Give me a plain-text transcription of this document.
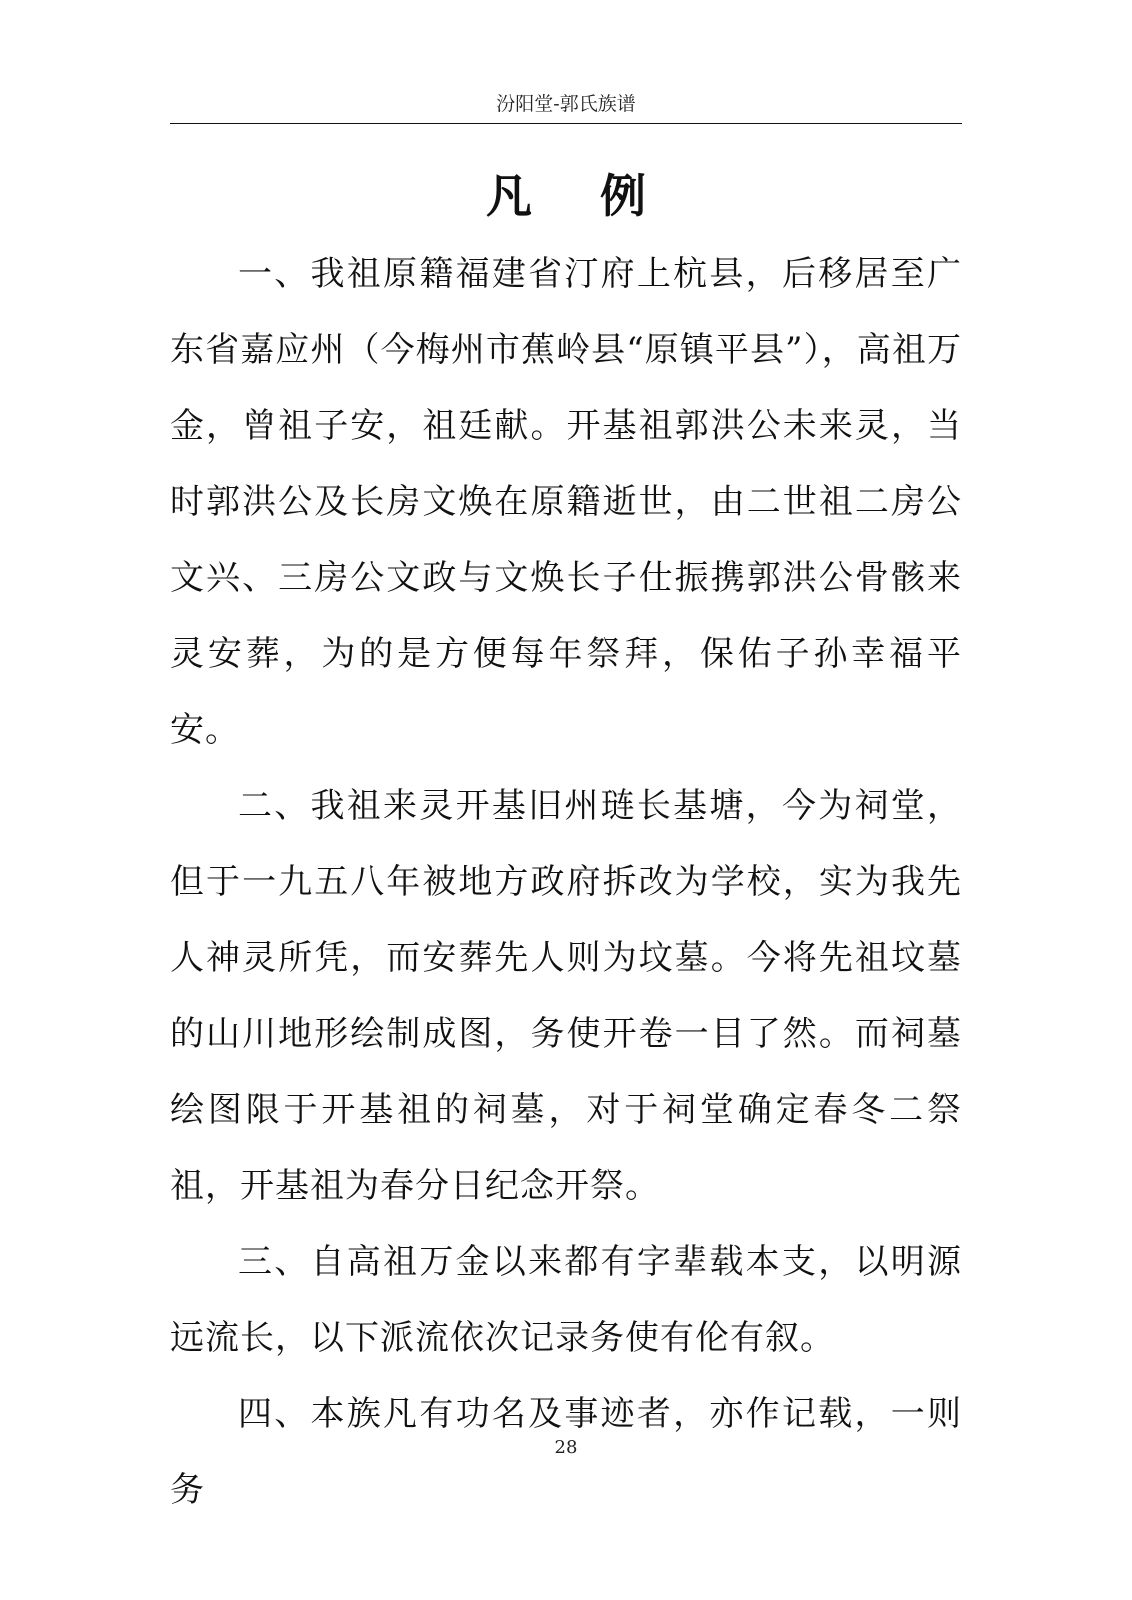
汾阳堂-郭氏族谱
凡 例

一、我祖原籍福建省汀府上杭县，后移居至广东省嘉应州（今梅州市蕉岭县“原镇平县”），高祖万金，曾祖子安，祖廷献。开基祖郭洪公未来灵，当时郭洪公及长房文焕在原籍逝世，由二世祖二房公文兴、三房公文政与文焕长子仕振携郭洪公骨骸来灵安葬，为的是方便每年祭拜，保佑子孙幸福平安。

二、我祖来灵开基旧州琏长基塘，今为祠堂，但于一九五八年被地方政府拆改为学校，实为我先人神灵所凭，而安葬先人则为坟墓。今将先祖坟墓的山川地形绘制成图，务使开卷一目了然。而祠墓绘图限于开基祖的祠墓，对于祠堂确定春冬二祭祖，开基祖为春分日纪念开祭。

三、自高祖万金以来都有字辈载本支，以明源远流长，以下派流依次记录务使有伦有叙。

四、本族凡有功名及事迹者，亦作记载，一则务

28
